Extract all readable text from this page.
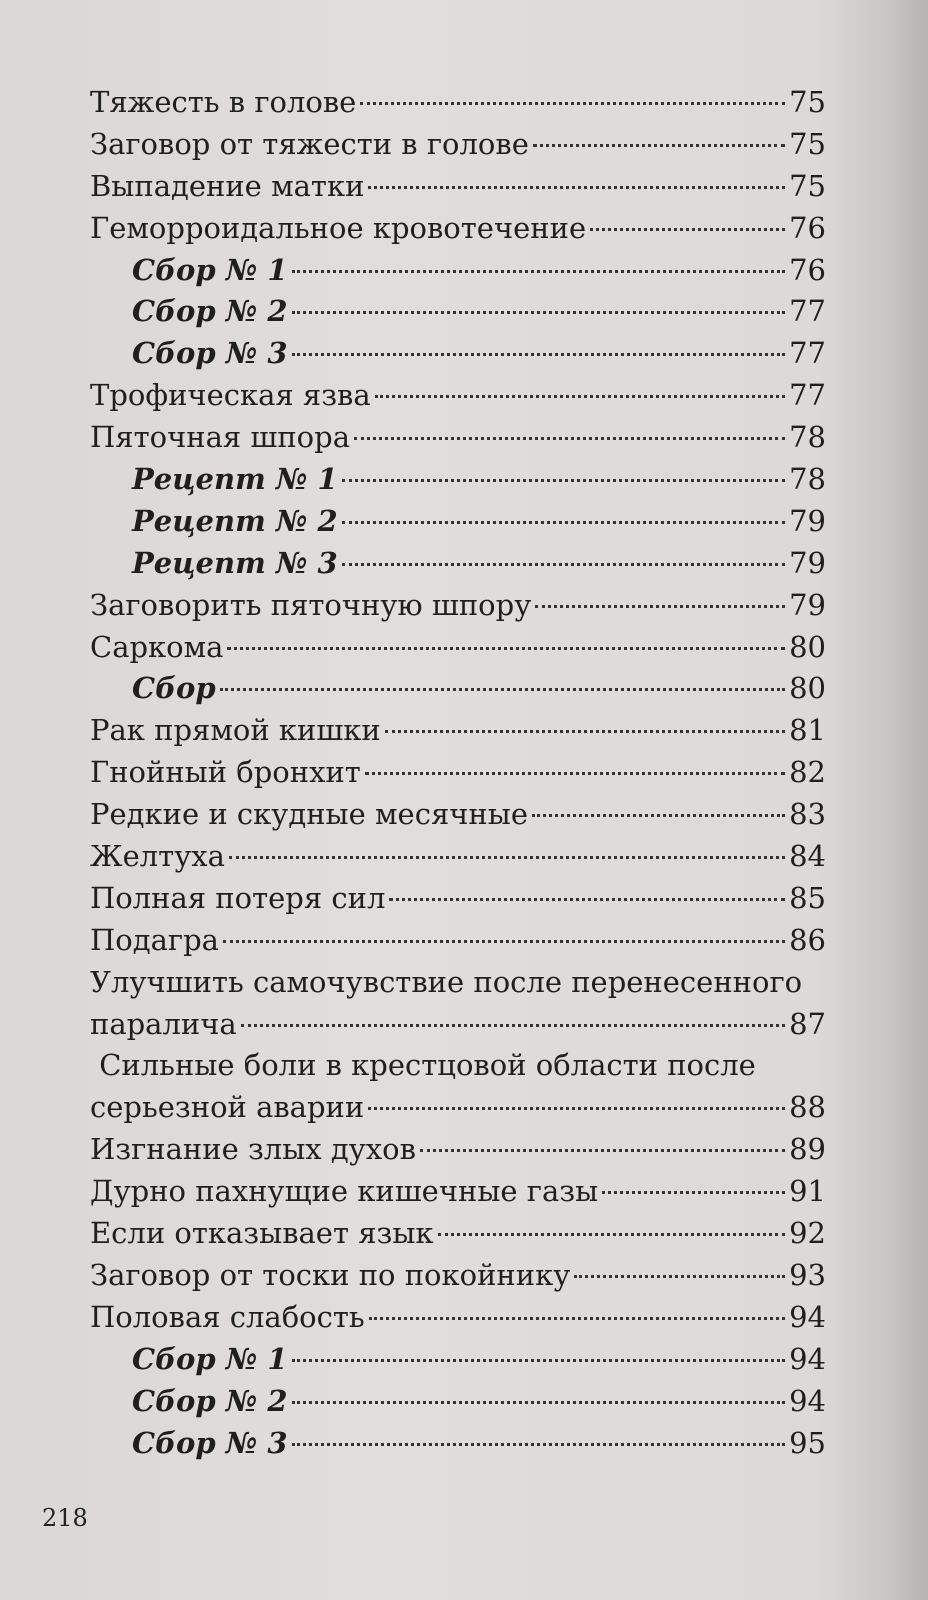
Тяжесть в голове	75
Заговор от тяжести в голове	75
Выпадение матки	75
Геморроидальное кровотечение	76
Сбор № 1	76
Сбор № 2	77
Сбор № 3	77
Трофическая язва	77
Пяточная шпора	78
Рецепт № 1	78
Рецепт № 2	79
Рецепт № 3	79
Заговорить пяточную шпору	79
Саркома	80
Сбор	80
Рак прямой кишки	81
Гнойный бронхит	82
Редкие и скудные месячные	83
Желтуха	84
Полная потеря сил	85
Подагра	86
Улучшить самочувствие после перенесенного
паралича	87
Сильные боли в крестцовой области после
серьезной аварии	88
Изгнание злых духов	89
Дурно пахнущие кишечные газы	91
Если отказывает язык	92
Заговор от тоски по покойнику	93
Половая слабость	94
Сбор № 1	94
Сбор № 2	94
Сбор № 3	95
218
